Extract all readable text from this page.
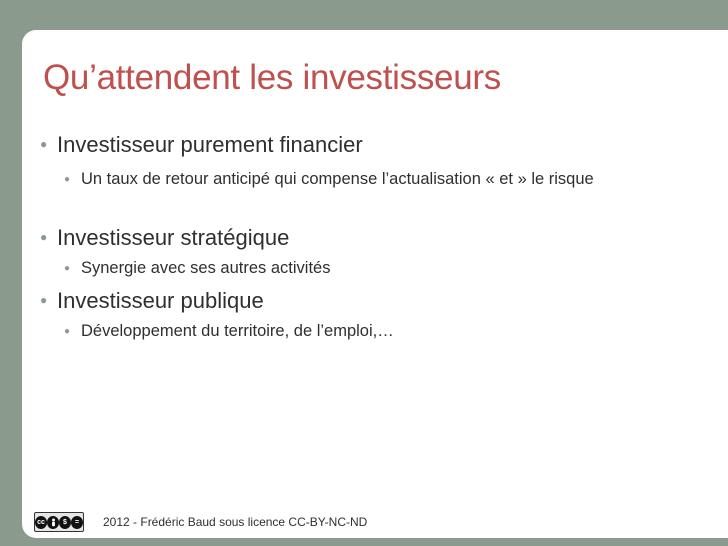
Qu’attendent les investisseurs
● Investisseur purement financier
● Un taux de retour anticipé qui compense l’actualisation « et » le risque
● Investisseur stratégique
● Synergie avec ses autres activités
● Investisseur publique
● Développement du territoire, de l’emploi,…
cc	$	=	2012 - Frédéric Baud sous licence CC-BY-NC-ND
